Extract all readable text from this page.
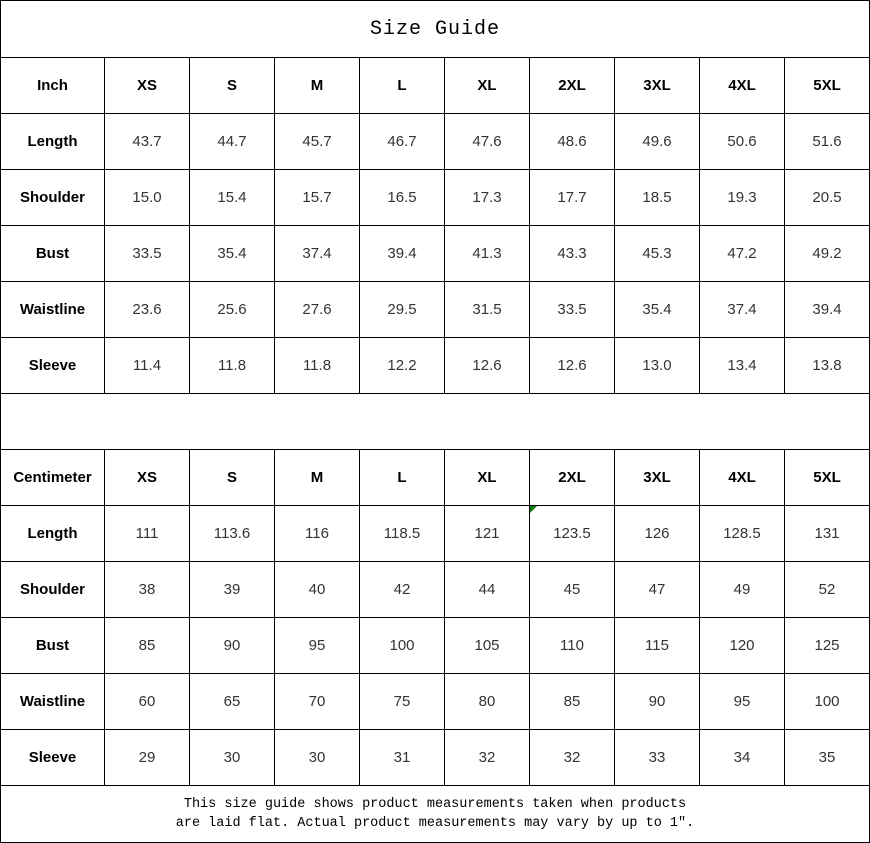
Size Guide									
Inch	XS	S	M	L	XL	2XL	3XL	4XL	5XL
Length	43.7	44.7	45.7	46.7	47.6	48.6	49.6	50.6	51.6
Shoulder	15.0	15.4	15.7	16.5	17.3	17.7	18.5	19.3	20.5
Bust	33.5	35.4	37.4	39.4	41.3	43.3	45.3	47.2	49.2
Waistline	23.6	25.6	27.6	29.5	31.5	33.5	35.4	37.4	39.4
Sleeve	11.4	11.8	11.8	12.2	12.6	12.6	13.0	13.4	13.8

Centimeter	XS	S	M	L	XL	2XL	3XL	4XL	5XL
Length	111	113.6	116	118.5	121	123.5	126	128.5	131
Shoulder	38	39	40	42	44	45	47	49	52
Bust	85	90	95	100	105	110	115	120	125
Waistline	60	65	70	75	80	85	90	95	100
Sleeve	29	30	30	31	32	32	33	34	35

This size guide shows product measurements taken when products
are laid flat. Actual product measurements may vary by up to 1″.									
